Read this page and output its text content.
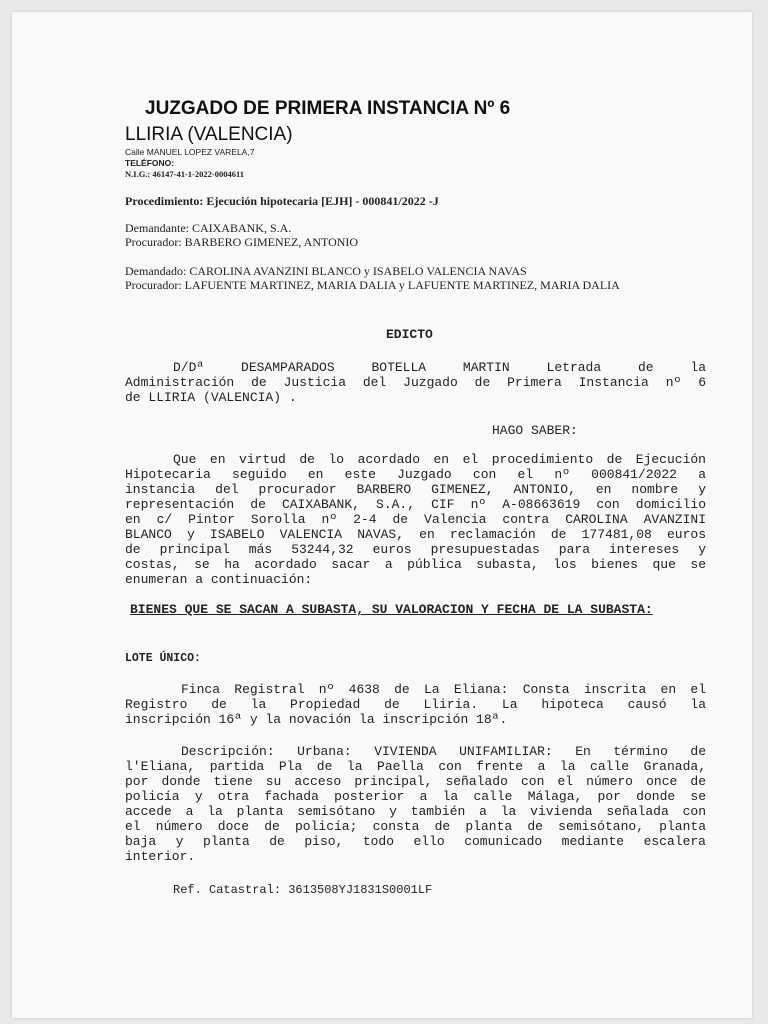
JUZGADO DE PRIMERA INSTANCIA Nº 6
LLIRIA (VALENCIA)
Calle MANUEL LOPEZ VARELA,7
TELÉFONO:
N.I.G.: 46147-41-1-2022-0004611
Procedimiento: Ejecución hipotecaria [EJH] - 000841/2022 -J
Demandante: CAIXABANK, S.A.
Procurador: BARBERO GIMENEZ, ANTONIO
Demandado: CAROLINA AVANZINI BLANCO y ISABELO VALENCIA NAVAS
Procurador: LAFUENTE MARTINEZ, MARIA DALIA y LAFUENTE MARTINEZ, MARIA DALIA
EDICTO
D/Dª DESAMPARADOS BOTELLA MARTIN Letrada de la
Administración de Justicia del Juzgado de Primera Instancia nº 6
de LLIRIA (VALENCIA) .
HAGO SABER:
Que en virtud de lo acordado en el procedimiento de Ejecución
Hipotecaria seguido en este Juzgado con el nº 000841/2022 a
instancia del procurador BARBERO GIMENEZ, ANTONIO, en nombre y
representación de CAIXABANK, S.A., CIF nº A-08663619 con domicilio
en c/ Pintor Sorolla nº 2-4 de Valencia contra CAROLINA AVANZINI
BLANCO y ISABELO VALENCIA NAVAS, en reclamación de 177481,08 euros
de principal más 53244,32 euros presupuestadas para intereses y
costas, se ha acordado sacar a pública subasta, los bienes que se
enumeran a continuación:
BIENES QUE SE SACAN A SUBASTA, SU VALORACION Y FECHA DE LA SUBASTA:
LOTE ÚNICO:
Finca Registral nº 4638 de La Eliana: Consta inscrita en el
Registro de la Propiedad de Lliria. La hipoteca causó la
inscripción 16ª y la novación la inscripción 18ª.
Descripción: Urbana: VIVIENDA UNIFAMILIAR: En término de
l'Eliana, partida Pla de la Paella con frente a la calle Granada,
por donde tiene su acceso principal, señalado con el número once de
policía y otra fachada posterior a la calle Málaga, por donde se
accede a la planta semisótano y también a la vivienda señalada con
el número doce de policía; consta de planta de semisótano, planta
baja y planta de piso, todo ello comunicado mediante escalera
interior.
Ref. Catastral: 3613508YJ1831S0001LF
